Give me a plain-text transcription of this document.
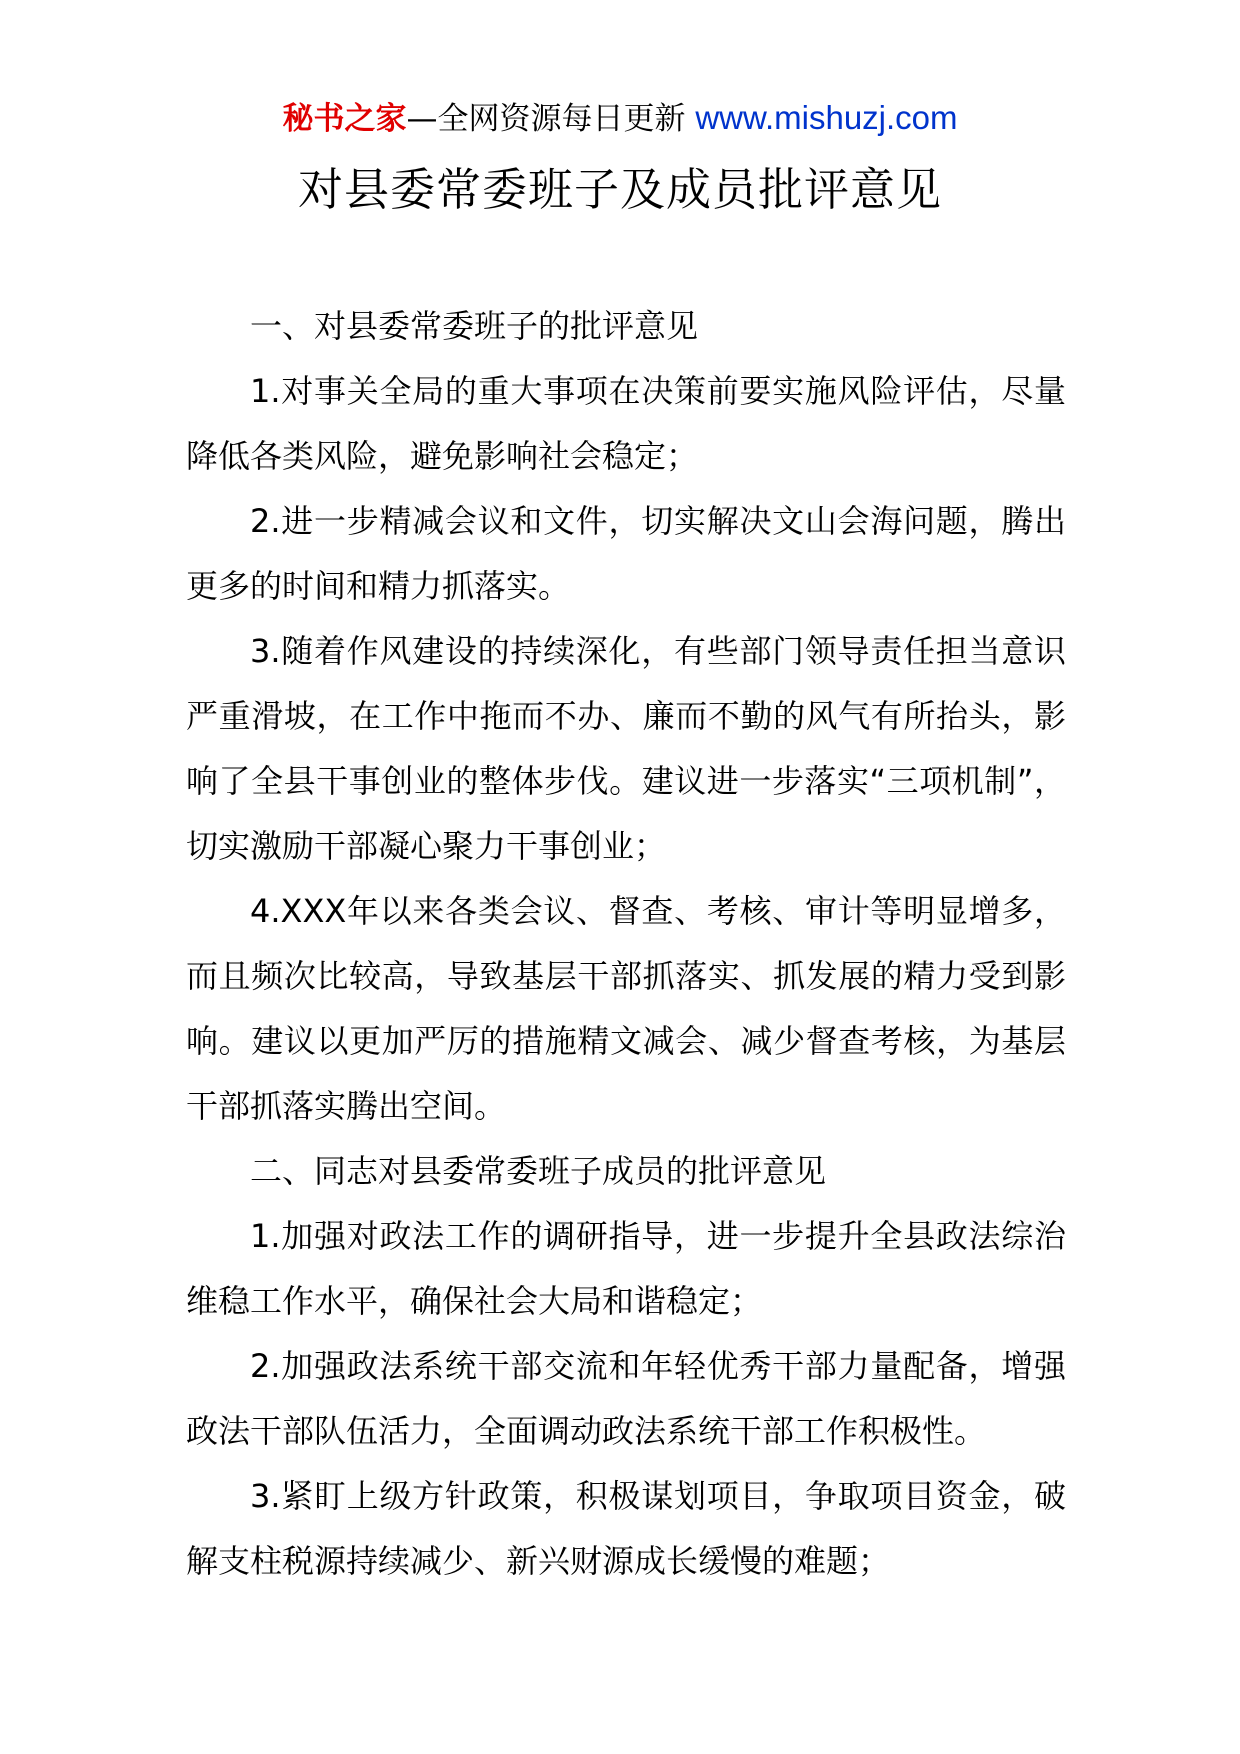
秘书之家—全网资源每日更新 www.mishuzj.com
对县委常委班子及成员批评意见

一、对县委常委班子的批评意见

1.对事关全局的重大事项在决策前要实施风险评估，尽量降低各类风险，避免影响社会稳定；

2.进一步精减会议和文件，切实解决文山会海问题，腾出更多的时间和精力抓落实。

3.随着作风建设的持续深化，有些部门领导责任担当意识严重滑坡，在工作中拖而不办、廉而不勤的风气有所抬头，影响了全县干事创业的整体步伐。建议进一步落实“三项机制”，切实激励干部凝心聚力干事创业；

4.XXX年以来各类会议、督查、考核、审计等明显增多，而且频次比较高，导致基层干部抓落实、抓发展的精力受到影响。建议以更加严厉的措施精文减会、减少督查考核，为基层干部抓落实腾出空间。

二、同志对县委常委班子成员的批评意见

1.加强对政法工作的调研指导，进一步提升全县政法综治维稳工作水平，确保社会大局和谐稳定；

2.加强政法系统干部交流和年轻优秀干部力量配备，增强政法干部队伍活力，全面调动政法系统干部工作积极性。

3.紧盯上级方针政策，积极谋划项目，争取项目资金，破解支柱税源持续减少、新兴财源成长缓慢的难题；
